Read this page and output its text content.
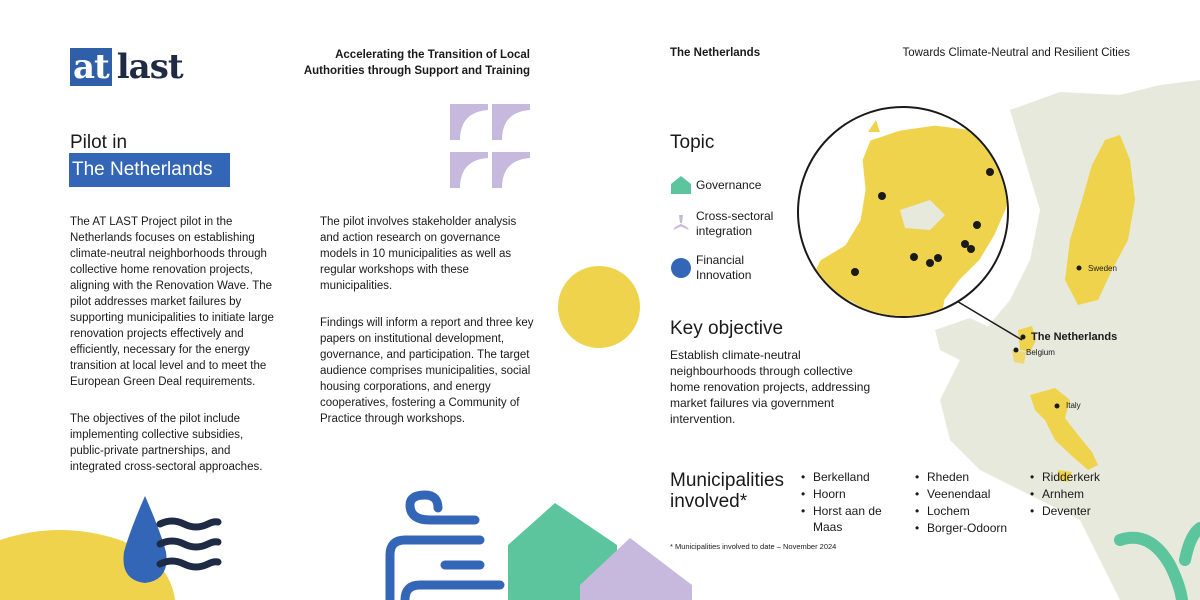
at last	Accelerating the Transition of Local Authorities through Support and Training
The Netherlands	Towards Climate-Neutral and Resilient Cities
Pilot in
The Netherlands

The AT LAST Project pilot in the Netherlands focuses on establishing climate-neutral neighborhoods through collective home renovation projects, aligning with the Renovation Wave. The pilot addresses market failures by supporting municipalities to initiate large renovation projects effectively and efficiently, necessary for the energy transition at local level and to meet the European Green Deal requirements.

The objectives of the pilot include implementing collective subsidies, public-private partnerships, and integrated cross-sectoral approaches.

The pilot involves stakeholder analysis and action research on governance models in 10 municipalities as well as regular workshops with these municipalities.

Findings will inform a report and three key papers on institutional development, governance, and participation. The target audience comprises municipalities, social housing corporations, and energy cooperatives, fostering a Community of Practice through workshops.

Topic
Governance
Cross-sectoral integration
Financial Innovation
Key objective

Establish climate-neutral neighbourhoods through collective home renovation projects, addressing market failures via government intervention.

Municipalities involved*
• Berkelland
• Hoorn
• Horst aan de Maas
• Rheden
• Veenendaal
• Lochem
• Borger-Odoorn
• Ridderkerk
• Arnhem
• Deventer
* Municipalities involved to date – November 2024
The Netherlands
Belgium
Sweden
Italy
